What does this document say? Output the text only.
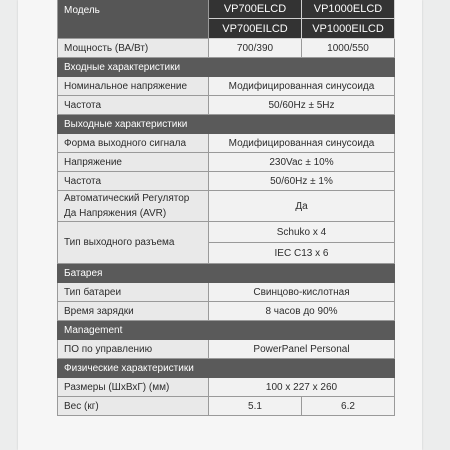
Модель	VP700ELCD	VP1000ELCD
	VP700EILCD	VP1000EILCD
Мощность (ВА/Вт)	700/390	1000/550
Входные характеристики		
Номинальное напряжение	Модифицированная синусоида	
Частота	50/60Hz ± 5Hz	
Выходные характеристики		
Форма выходного сигнала	Модифицированная синусоида	
Напряжение	230Vac ± 10%	
Частота	50/60Hz ± 1%	
Автоматический Регулятор
Да Напряжения (AVR)	Да	
Тип выходного разъема	Schuko x 4	
	IEC C13 x 6	
Батарея		
Тип батареи	Свинцово-кислотная	
Время зарядки	8 часов до 90%	
Management		
ПО по управлению	PowerPanel Personal	
Физические характеристики		
Размеры (ШхВхГ) (мм)	100 x 227 x 260	
Вес (кг)	5.1	6.2
